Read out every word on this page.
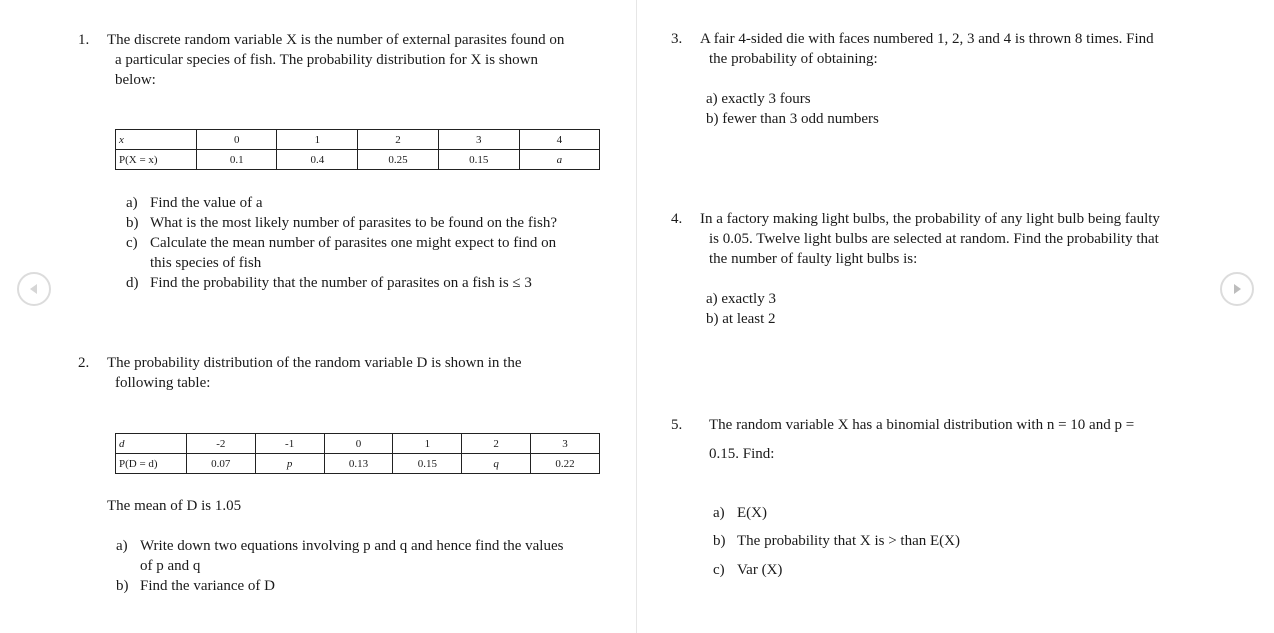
1. The discrete random variable X is the number of external parasites found on
a particular species of fish. The probability distribution for X is shown
below:
x	0	1	2	3	4
P(X = x)	0.1	0.4	0.25	0.15	a
a) Find the value of a
b) What is the most likely number of parasites to be found on the fish?
c) Calculate the mean number of parasites one might expect to find on
this species of fish
d) Find the probability that the number of parasites on a fish is ≤ 3
2. The probability distribution of the random variable D is shown in the
following table:
d	-2	-1	0	1	2	3
P(D = d)	0.07	p	0.13	0.15	q	0.22
The mean of D is 1.05
a) Write down two equations involving p and q and hence find the values
of p and q
b) Find the variance of D
3. A fair 4-sided die with faces numbered 1, 2, 3 and 4 is thrown 8 times. Find
the probability of obtaining:
a) exactly 3 fours
b) fewer than 3 odd numbers
4. In a factory making light bulbs, the probability of any light bulb being faulty
is 0.05. Twelve light bulbs are selected at random. Find the probability that
the number of faulty light bulbs is:
a) exactly 3
b) at least 2
5. The random variable X has a binomial distribution with n = 10 and p =
0.15. Find:
a) E(X)
b) The probability that X is > than E(X)
c) Var (X)
